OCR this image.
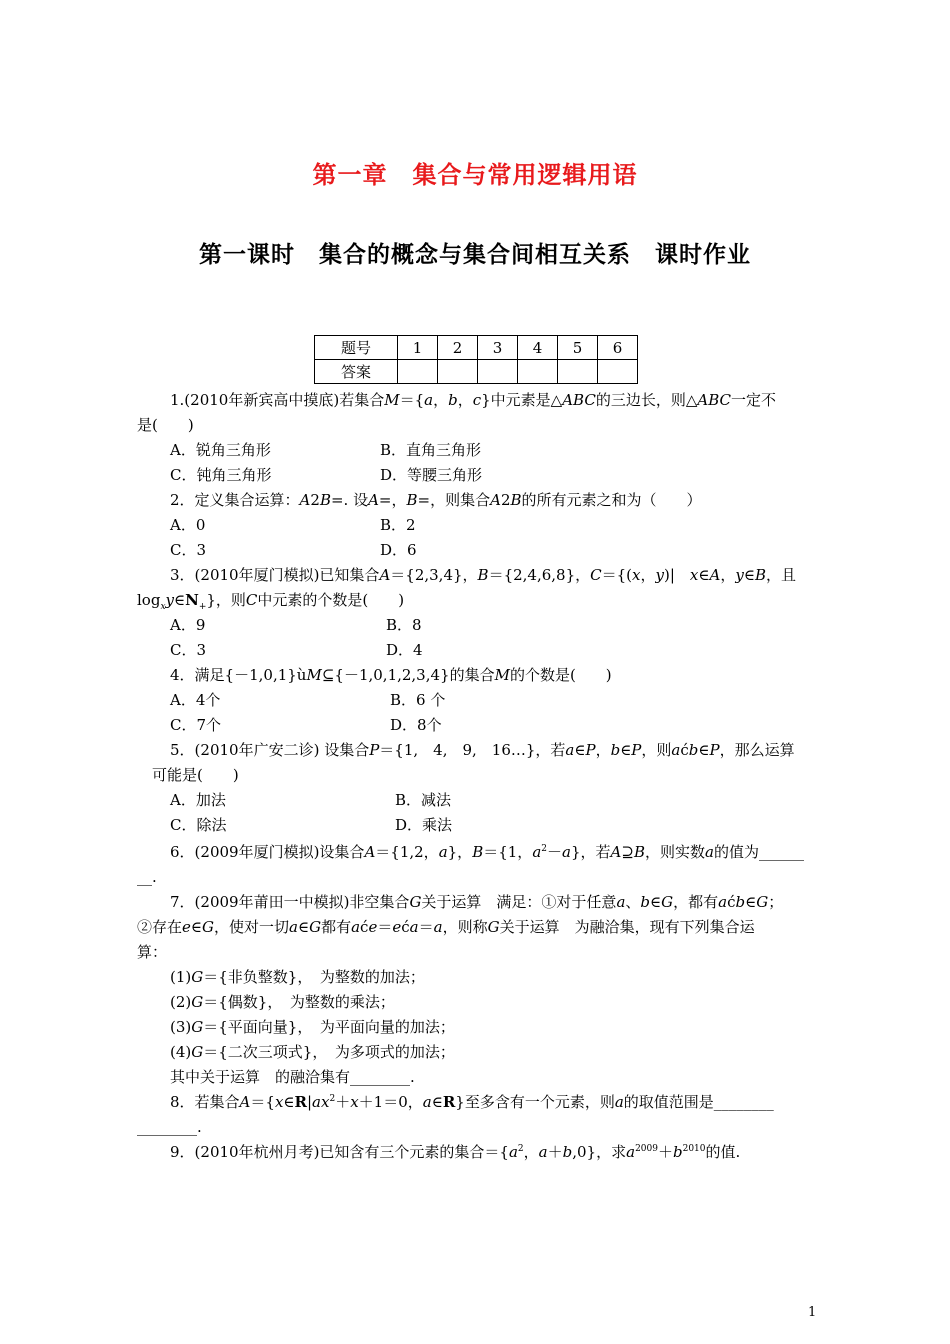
第一章　集合与常用逻辑用语
第一课时　集合的概念与集合间相互关系　课时作业
题号	1	2	3	4	5	6
答案						
1.(2010年新宾高中摸底)若集合M＝{a，b，c}中元素是△ABC的三边长，则△ABC一定不
是(　　)
A．锐角三角形	B．直角三角形
C．钝角三角形	D．等腰三角形
2．定义集合运算：A2B=. 设A=，B=，则集合A2B的所有元素之和为（　　）
A．0	B．2
C．3	D．6
3．(2010年厦门模拟)已知集合A＝{2,3,4}，B＝{2,4,6,8}，C＝{(x，y)|　x∈A，y∈B，且
$\log_xy\in N_+$}，则C中元素的个数是(　　)
A．9	B．8
C．3	D．4
4．满足{－1,0,1}ùM⊆{－1,0,1,2,3,4}的集合M的个数是(　　)
A．4个	B．6 个
C．7个	D．8个
5．(2010年广安二诊) 设集合P＝{1,　4,　9,　16…}，若a∈P，b∈P，则aćb∈P，那么运算
可能是(　　)
A．加法	B．减法
C．除法	D．乘法
6．(2009年厦门模拟)设集合A＝{1,2，a}，B＝{1，$a^2-a$}，若A⊇B，则实数a的值为______
__.
7．(2009年莆田一中模拟)非空集合G关于运算　满足：①对于任意a、b∈G，都有aćb∈G；
②存在e∈G，使对一切a∈G都有aće＝eća＝a，则称G关于运算　为融洽集，现有下列集合运
算：
(1)G＝{非负整数}，　为整数的加法；
(2)G＝{偶数}，　为整数的乘法；
(3)G＝{平面向量}，　为平面向量的加法；
(4)G＝{二次三项式}，　为多项式的加法；
其中关于运算　的融洽集有________.
8．若集合$A=\{x\in R|ax^2+x+1=0$，a∈R}至多含有一个元素，则a的取值范围是________
________.
9．(2010年杭州月考)已知含有三个元素的集合$=\{a^2$，a＋b,0}，求$a^{2009}+b^{2010}$的值.
1
